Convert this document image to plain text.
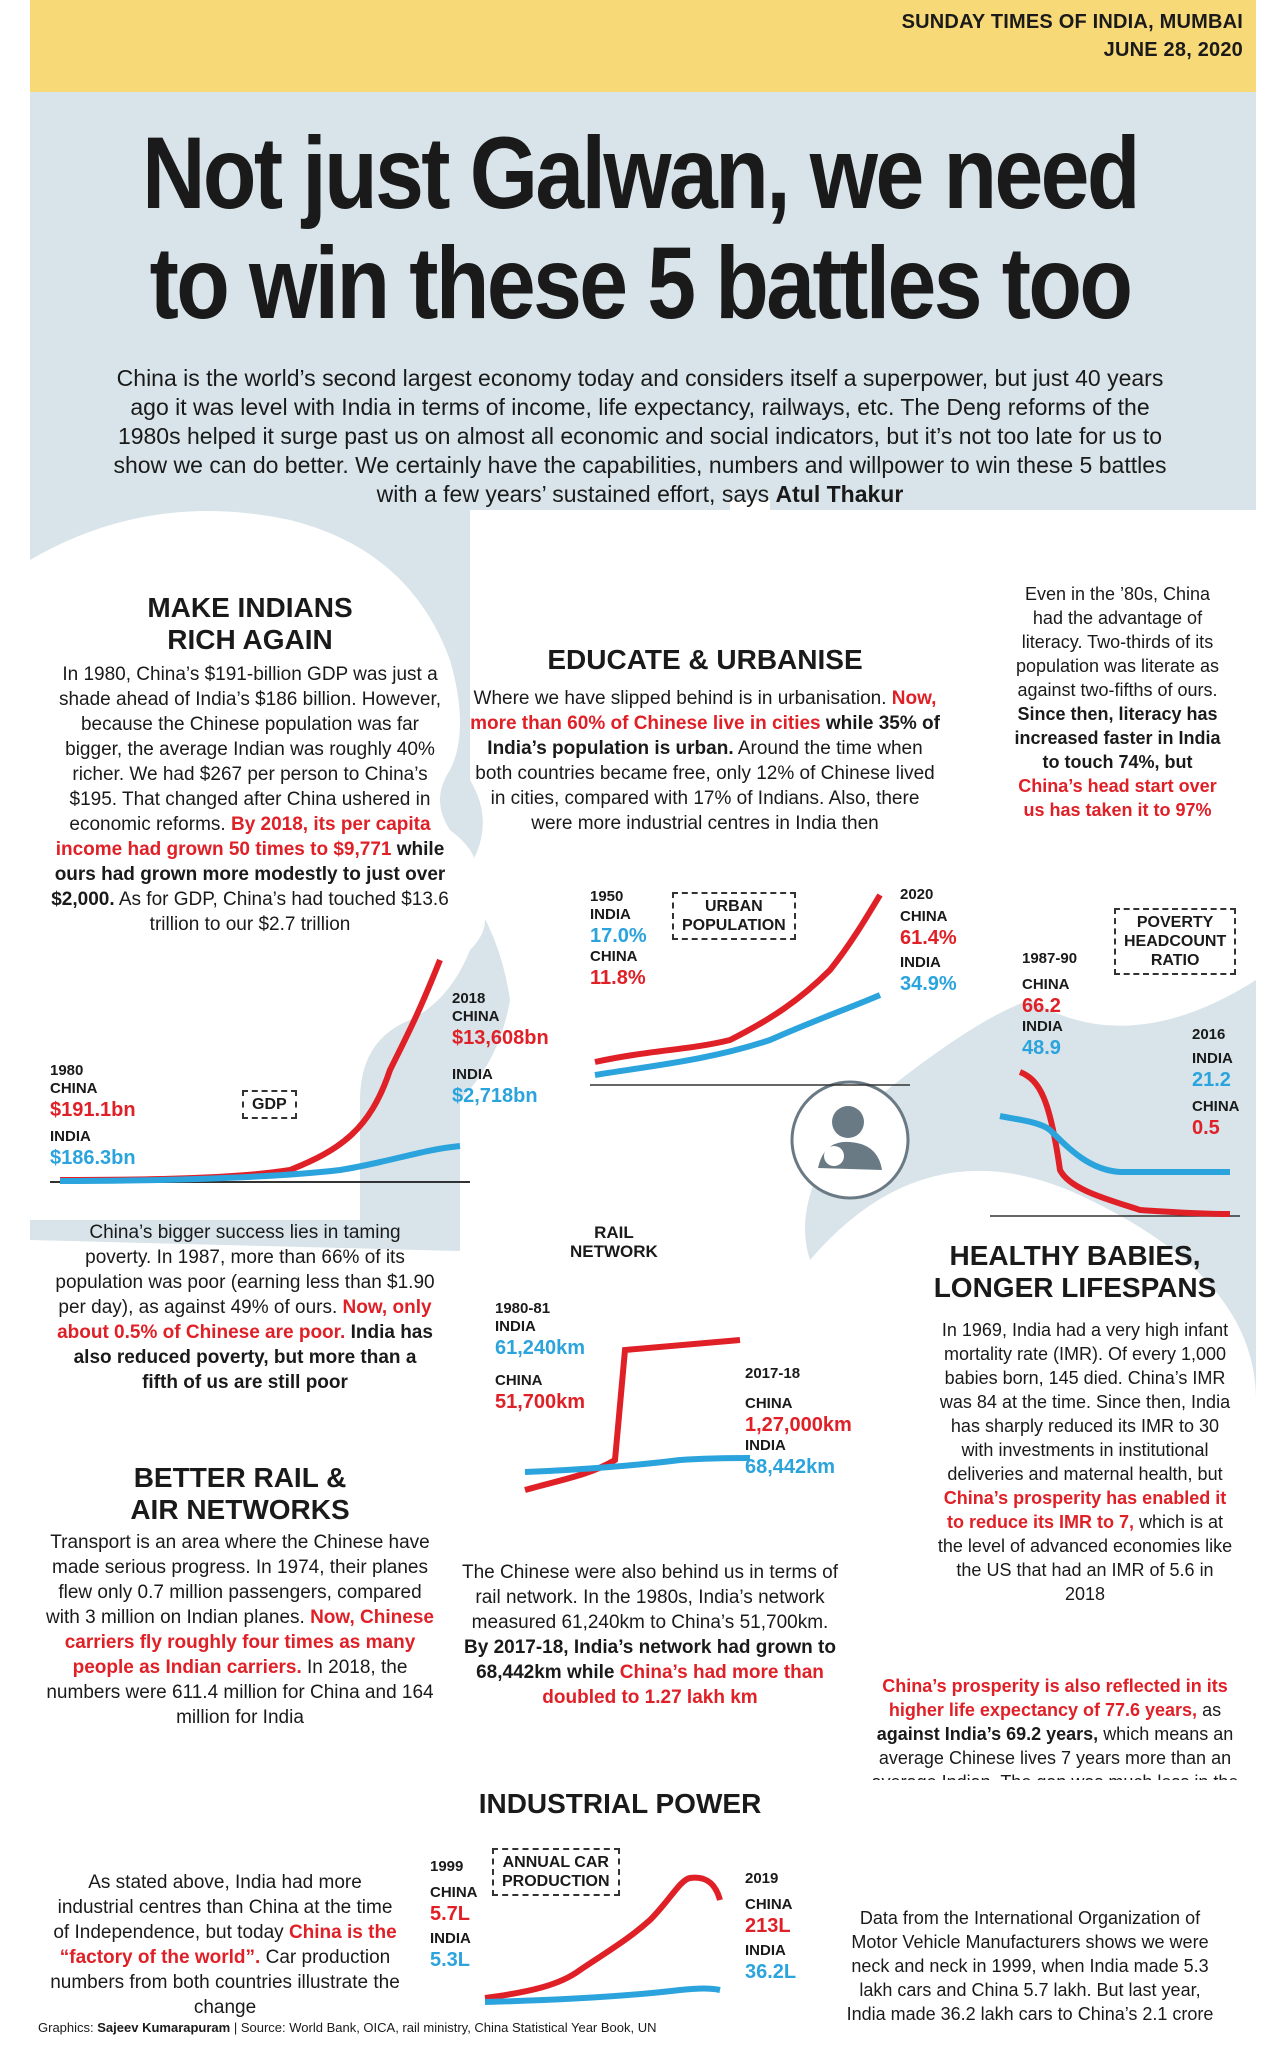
SUNDAY TIMES OF INDIA, MUMBAI
JUNE 28, 2020
Not just Galwan, we need
to win these 5 battles too
China is the world’s second largest economy today and considers itself a superpower, but just 40 years ago it was level with India in terms of income, life expectancy, railways, etc. The Deng reforms of the 1980s helped it surge past us on almost all economic and social indicators, but it’s not too late for us to show we can do better. We certainly have the capabilities, numbers and willpower to win these 5 battles with a few years’ sustained effort, says Atul Thakur
MAKE INDIANS
RICH AGAIN
In 1980, China’s $191-billion GDP was just a shade ahead of India’s $186 billion. However, because the Chinese population was far bigger, the average Indian was roughly 40% richer. We had $267 per person to China’s $195. That changed after China ushered in economic reforms. By 2018, its per capita income had grown 50 times to $9,771 while ours had grown more modestly to just over $2,000. As for GDP, China’s had touched $13.6 trillion to our $2.7 trillion
1980
CHINA
$191.1bn
INDIA
$186.3bn
GDP
2018
CHINA
$13,608bn
INDIA
$2,718bn
China’s bigger success lies in taming poverty. In 1987, more than 66% of its population was poor (earning less than $1.90 per day), as against 49% of ours. Now, only about 0.5% of Chinese are poor. India has also reduced poverty, but more than a fifth of us are still poor
EDUCATE & URBANISE
Where we have slipped behind is in urbanisation. Now, more than 60% of Chinese live in cities while 35% of India’s population is urban. Around the time when both countries became free, only 12% of Chinese lived in cities, compared with 17% of Indians. Also, there were more industrial centres in India then
1950
INDIA
17.0%
CHINA
11.8%
URBAN
POPULATION
2020
CHINA
61.4%
INDIA
34.9%
Even in the ’80s, China had the advantage of literacy. Two-thirds of its population was literate as against two-fifths of ours. Since then, literacy has increased faster in India to touch 74%, but China’s head start over us has taken it to 97%
POVERTY
HEADCOUNT
RATIO
1987-90
CHINA
66.2
INDIA
48.9
2016
INDIA
21.2
CHINA
0.5
RAIL
NETWORK
1980-81
INDIA
61,240km
CHINA
51,700km
2017-18
CHINA
1,27,000km
INDIA
68,442km
HEALTHY BABIES,
LONGER LIFESPANS
In 1969, India had a very high infant mortality rate (IMR). Of every 1,000 babies born, 145 died. China’s IMR was 84 at the time. Since then, India has sharply reduced its IMR to 30 with investments in institutional deliveries and maternal health, but China’s prosperity has enabled it to reduce its IMR to 7, which is at the level of advanced economies like the US that had an IMR of 5.6 in 2018
China’s prosperity is also reflected in its higher life expectancy of 77.6 years, as against India’s 69.2 years, which means an average Chinese lives 7 years more than an
BETTER RAIL &
AIR NETWORKS
Transport is an area where the Chinese have made serious progress. In 1974, their planes flew only 0.7 million passengers, compared with 3 million on Indian planes. Now, Chinese carriers fly roughly four times as many people as Indian carriers. In 2018, the numbers were 611.4 million for China and 164 million for India
The Chinese were also behind us in terms of rail network. In the 1980s, India’s network measured 61,240km to China’s 51,700km. By 2017-18, India’s network had grown to 68,442km while China’s had more than doubled to 1.27 lakh km
INDUSTRIAL POWER
As stated above, India had more industrial centres than China at the time of Independence, but today China is the “factory of the world”. Car production numbers from both countries illustrate the change
Data from the International Organization of Motor Vehicle Manufacturers shows we were neck and neck in 1999, when India made 5.3 lakh cars and China 5.7 lakh. But last year, India made 36.2 lakh cars to China’s 2.1 crore
1999
CHINA
5.7L
INDIA
5.3L
ANNUAL CAR
PRODUCTION	2019
CHINA
213L
INDIA
36.2L
Graphics: Sajeev Kumarapuram | Source: World Bank, OICA, rail ministry, China Statistical Year Book, UN
